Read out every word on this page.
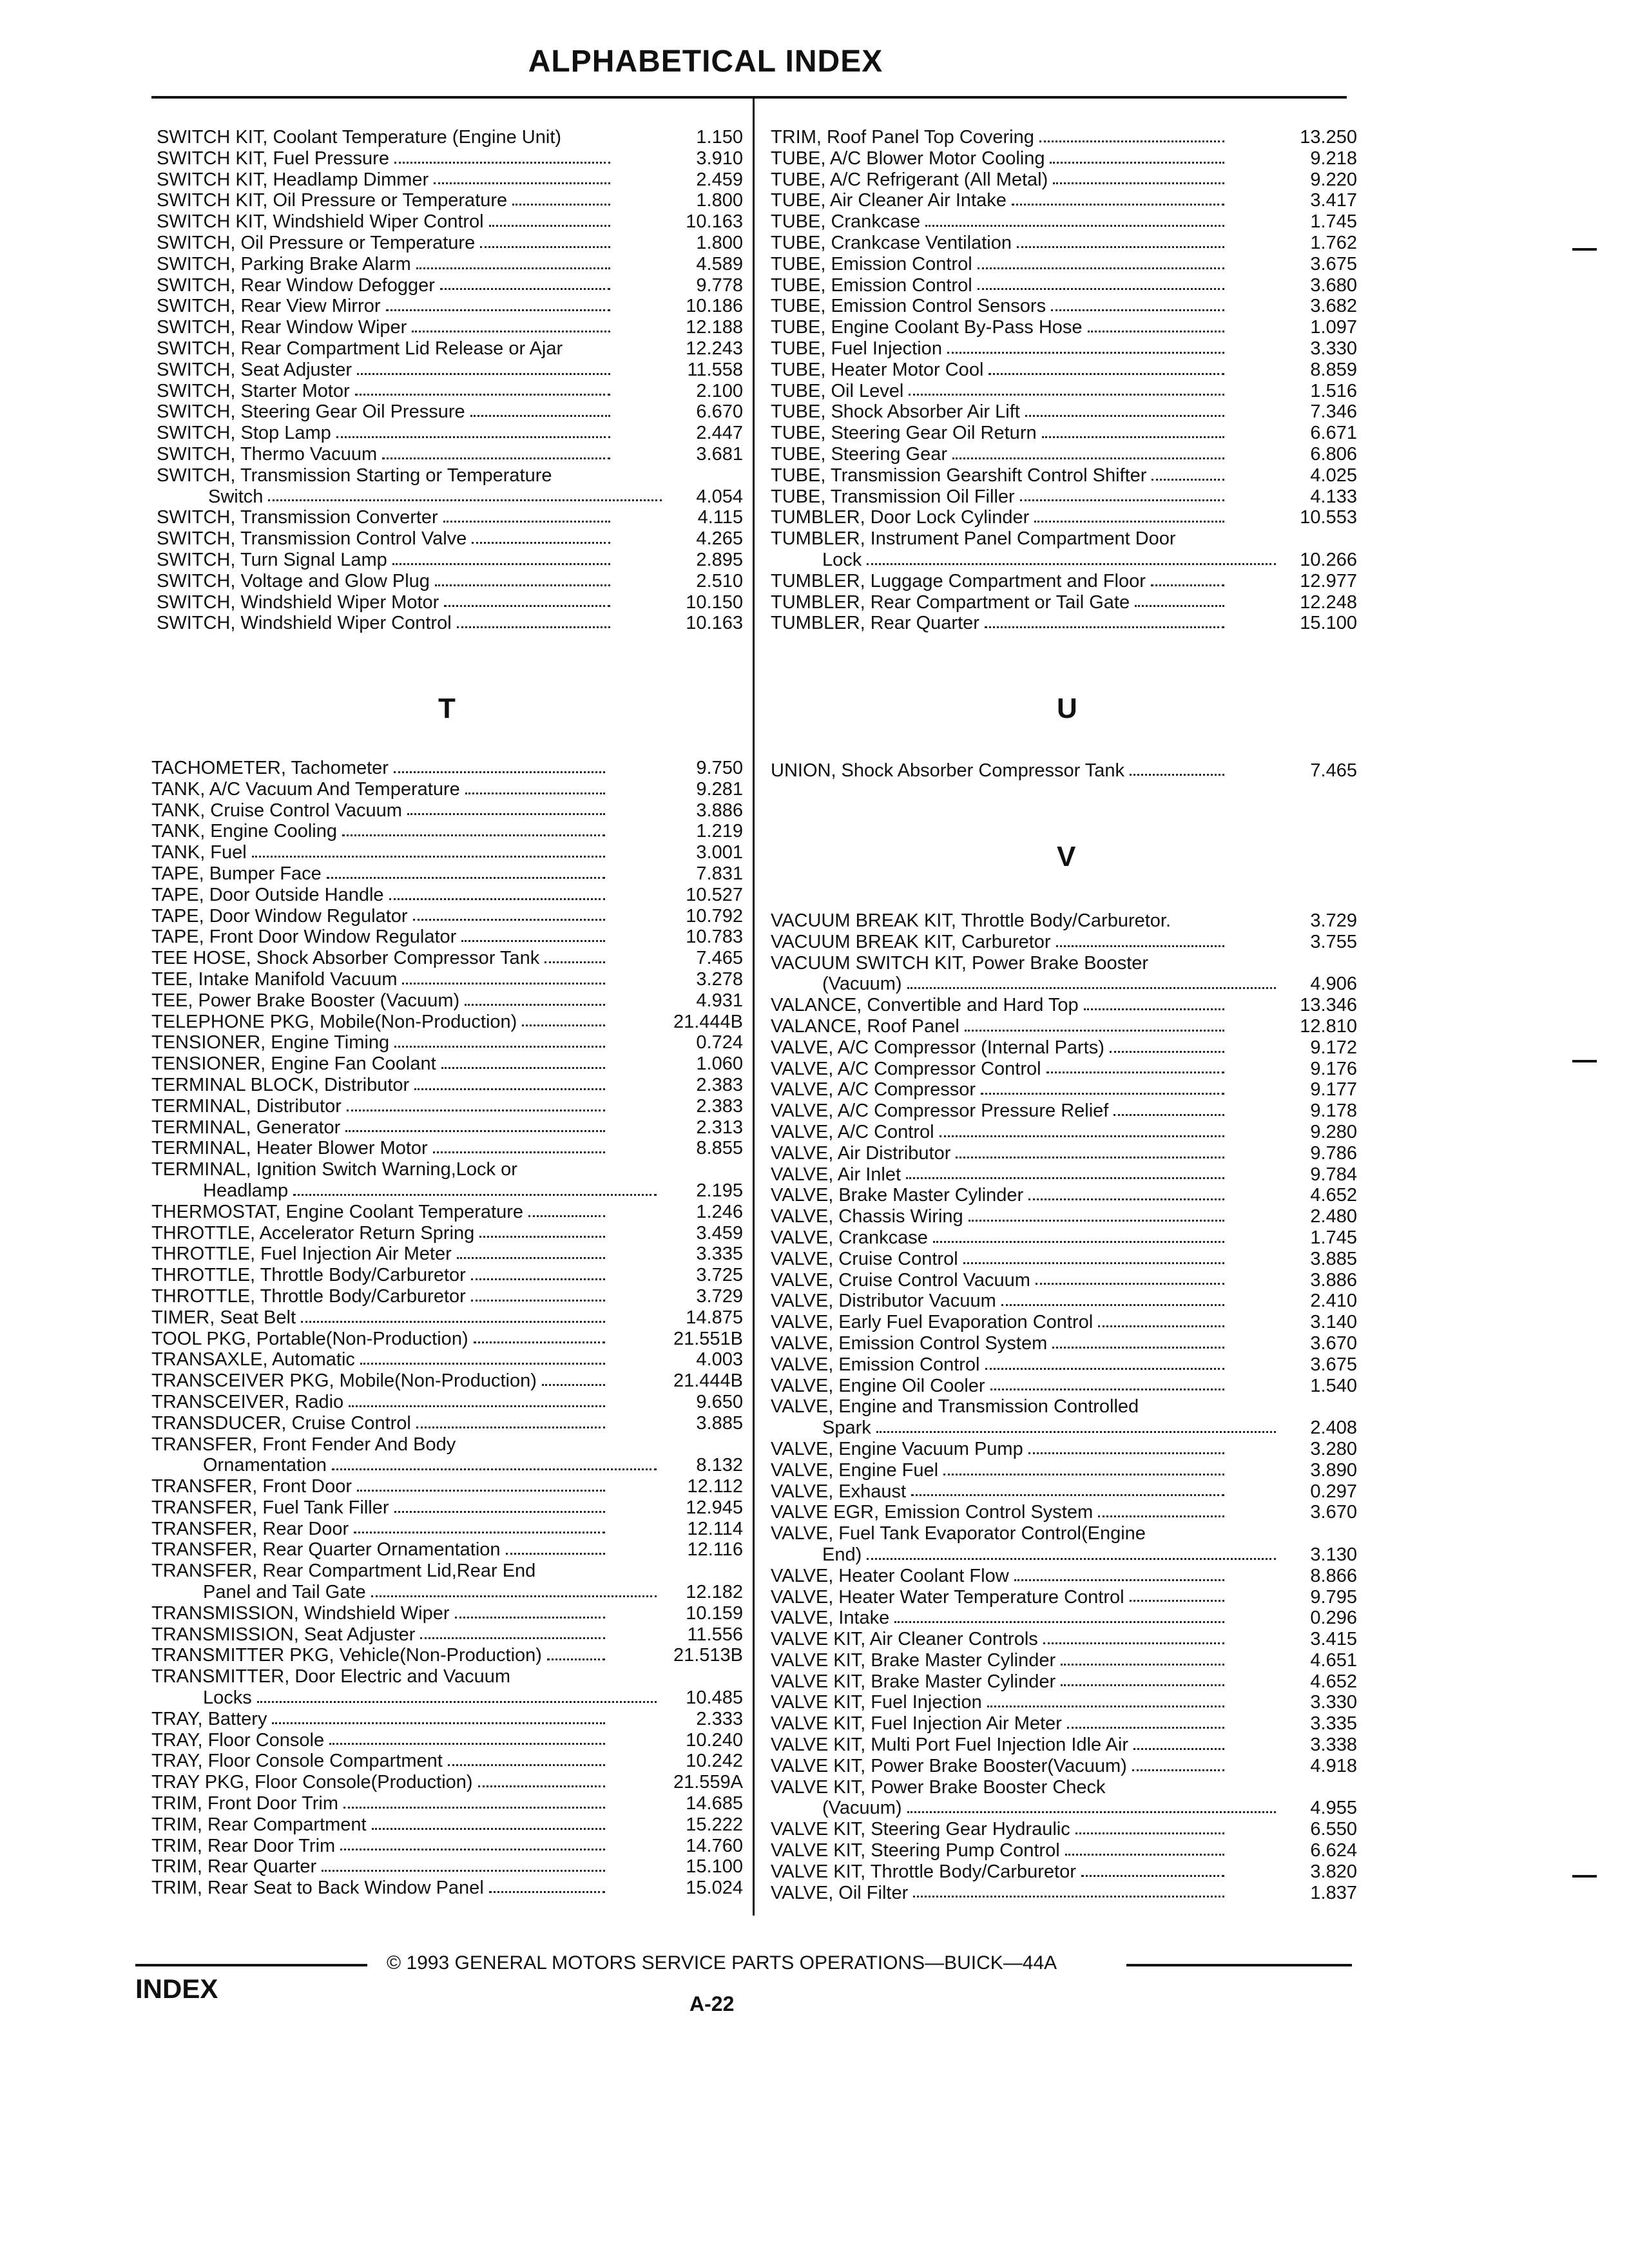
ALPHABETICAL INDEX
SWITCH KIT, Coolant Temperature (Engine Unit)	1.150
SWITCH KIT, Fuel Pressure	3.910
SWITCH KIT, Headlamp Dimmer	2.459
SWITCH KIT, Oil Pressure or Temperature	1.800
SWITCH KIT, Windshield Wiper Control	10.163
SWITCH, Oil Pressure or Temperature	1.800
SWITCH, Parking Brake Alarm	4.589
SWITCH, Rear Window Defogger	9.778
SWITCH, Rear View Mirror	10.186
SWITCH, Rear Window Wiper	12.188
SWITCH, Rear Compartment Lid Release or Ajar	12.243
SWITCH, Seat Adjuster	11.558
SWITCH, Starter Motor	2.100
SWITCH, Steering Gear Oil Pressure	6.670
SWITCH, Stop Lamp	2.447
SWITCH, Thermo Vacuum	3.681
SWITCH, Transmission Starting or Temperature
Switch	4.054
SWITCH, Transmission Converter	4.115
SWITCH, Transmission Control Valve	4.265
SWITCH, Turn Signal Lamp	2.895
SWITCH, Voltage and Glow Plug	2.510
SWITCH, Windshield Wiper Motor	10.150
SWITCH, Windshield Wiper Control	10.163
TRIM, Roof Panel Top Covering	13.250
TUBE, A/C Blower Motor Cooling	9.218
TUBE, A/C Refrigerant (All Metal)	9.220
TUBE, Air Cleaner Air Intake	3.417
TUBE, Crankcase	1.745
TUBE, Crankcase Ventilation	1.762
TUBE, Emission Control	3.675
TUBE, Emission Control	3.680
TUBE, Emission Control Sensors	3.682
TUBE, Engine Coolant By-Pass Hose	1.097
TUBE, Fuel Injection	3.330
TUBE, Heater Motor Cool	8.859
TUBE, Oil Level	1.516
TUBE, Shock Absorber Air Lift	7.346
TUBE, Steering Gear Oil Return	6.671
TUBE, Steering Gear	6.806
TUBE, Transmission Gearshift Control Shifter	4.025
TUBE, Transmission Oil Filler	4.133
TUMBLER, Door Lock Cylinder	10.553
TUMBLER, Instrument Panel Compartment Door
Lock	10.266
TUMBLER, Luggage Compartment and Floor	12.977
TUMBLER, Rear Compartment or Tail Gate	12.248
TUMBLER, Rear Quarter	15.100
T	U
V
TACHOMETER, Tachometer	9.750
TANK, A/C Vacuum And Temperature	9.281
TANK, Cruise Control Vacuum	3.886
TANK, Engine Cooling	1.219
TANK, Fuel	3.001
TAPE, Bumper Face	7.831
TAPE, Door Outside Handle	10.527
TAPE, Door Window Regulator	10.792
TAPE, Front Door Window Regulator	10.783
TEE HOSE, Shock Absorber Compressor Tank	7.465
TEE, Intake Manifold Vacuum	3.278
TEE, Power Brake Booster (Vacuum)	4.931
TELEPHONE PKG, Mobile(Non-Production)	21.444B
TENSIONER, Engine Timing	0.724
TENSIONER, Engine Fan Coolant	1.060
TERMINAL BLOCK, Distributor	2.383
TERMINAL, Distributor	2.383
TERMINAL, Generator	2.313
TERMINAL, Heater Blower Motor	8.855
TERMINAL, Ignition Switch Warning,Lock or
Headlamp	2.195
THERMOSTAT, Engine Coolant Temperature	1.246
THROTTLE, Accelerator Return Spring	3.459
THROTTLE, Fuel Injection Air Meter	3.335
THROTTLE, Throttle Body/Carburetor	3.725
THROTTLE, Throttle Body/Carburetor	3.729
TIMER, Seat Belt	14.875
TOOL PKG, Portable(Non-Production)	21.551B
TRANSAXLE, Automatic	4.003
TRANSCEIVER PKG, Mobile(Non-Production)	21.444B
TRANSCEIVER, Radio	9.650
TRANSDUCER, Cruise Control	3.885
TRANSFER, Front Fender And Body
Ornamentation	8.132
TRANSFER, Front Door	12.112
TRANSFER, Fuel Tank Filler	12.945
TRANSFER, Rear Door	12.114
TRANSFER, Rear Quarter Ornamentation	12.116
TRANSFER, Rear Compartment Lid,Rear End
Panel and Tail Gate	12.182
TRANSMISSION, Windshield Wiper	10.159
TRANSMISSION, Seat Adjuster	11.556
TRANSMITTER PKG, Vehicle(Non-Production)	21.513B
TRANSMITTER, Door Electric and Vacuum
Locks	10.485
TRAY, Battery	2.333
TRAY, Floor Console	10.240
TRAY, Floor Console Compartment	10.242
TRAY PKG, Floor Console(Production)	21.559A
TRIM, Front Door Trim	14.685
TRIM, Rear Compartment	15.222
TRIM, Rear Door Trim	14.760
TRIM, Rear Quarter	15.100
TRIM, Rear Seat to Back Window Panel	15.024
UNION, Shock Absorber Compressor Tank	7.465
VACUUM BREAK KIT, Throttle Body/Carburetor.	3.729
VACUUM BREAK KIT, Carburetor	3.755
VACUUM SWITCH KIT, Power Brake Booster
(Vacuum)	4.906
VALANCE, Convertible and Hard Top	13.346
VALANCE, Roof Panel	12.810
VALVE, A/C Compressor (Internal Parts)	9.172
VALVE, A/C Compressor Control	9.176
VALVE, A/C Compressor	9.177
VALVE, A/C Compressor Pressure Relief	9.178
VALVE, A/C Control	9.280
VALVE, Air Distributor	9.786
VALVE, Air Inlet	9.784
VALVE, Brake Master Cylinder	4.652
VALVE, Chassis Wiring	2.480
VALVE, Crankcase	1.745
VALVE, Cruise Control	3.885
VALVE, Cruise Control Vacuum	3.886
VALVE, Distributor Vacuum	2.410
VALVE, Early Fuel Evaporation Control	3.140
VALVE, Emission Control System	3.670
VALVE, Emission Control	3.675
VALVE, Engine Oil Cooler	1.540
VALVE, Engine and Transmission Controlled
Spark	2.408
VALVE, Engine Vacuum Pump	3.280
VALVE, Engine Fuel	3.890
VALVE, Exhaust	0.297
VALVE EGR, Emission Control System	3.670
VALVE, Fuel Tank Evaporator Control(Engine
End)	3.130
VALVE, Heater Coolant Flow	8.866
VALVE, Heater Water Temperature Control	9.795
VALVE, Intake	0.296
VALVE KIT, Air Cleaner Controls	3.415
VALVE KIT, Brake Master Cylinder	4.651
VALVE KIT, Brake Master Cylinder	4.652
VALVE KIT, Fuel Injection	3.330
VALVE KIT, Fuel Injection Air Meter	3.335
VALVE KIT, Multi Port Fuel Injection Idle Air	3.338
VALVE KIT, Power Brake Booster(Vacuum)	4.918
VALVE KIT, Power Brake Booster Check
(Vacuum)	4.955
VALVE KIT, Steering Gear Hydraulic	6.550
VALVE KIT, Steering Pump Control	6.624
VALVE KIT, Throttle Body/Carburetor	3.820
VALVE, Oil Filter	1.837
© 1993 GENERAL MOTORS SERVICE PARTS OPERATIONS—BUICK—44A
INDEX	A-22
